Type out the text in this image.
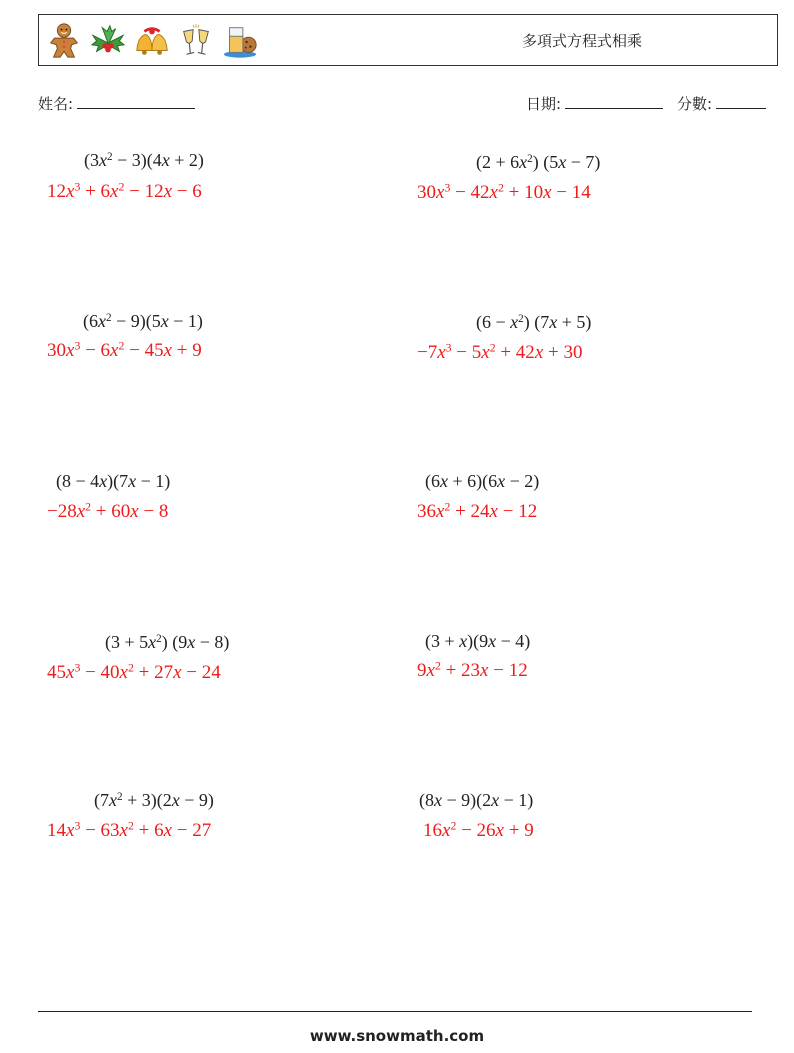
多項式方程式相乘
姓名:	日期:	分數:
$(3x^2 - 3)(4x + 2)$
$12x^3 + 6x^2 - 12x - 6$
$(2 + 6x^2)$ (5x − 7)
$30x^3 - 42x^2 + 10x - 14$
$(6x^2 - 9)(5x - 1)$
$30x^3 - 6x^2 - 45x + 9$
$(6 - x^2)$ (7x + 5)
$-7x^3 - 5x^2 + 42x + 30$
(8 − 4x)(7x − 1)
$-28x^2 + 60x - 8$
(6x + 6)(6x − 2)
$36x^2 + 24x - 12$
$(3 + 5x^2)$ (9x − 8)
$45x^3 - 40x^2 + 27x - 24$
(3 + x)(9x − 4)
$9x^2 + 23x - 12$
$(7x^2 + 3)(2x - 9)$
$14x^3 - 63x^2 + 6x - 27$
(8x − 9)(2x − 1)
$16x^2 - 26x + 9$
www.snowmath.com
